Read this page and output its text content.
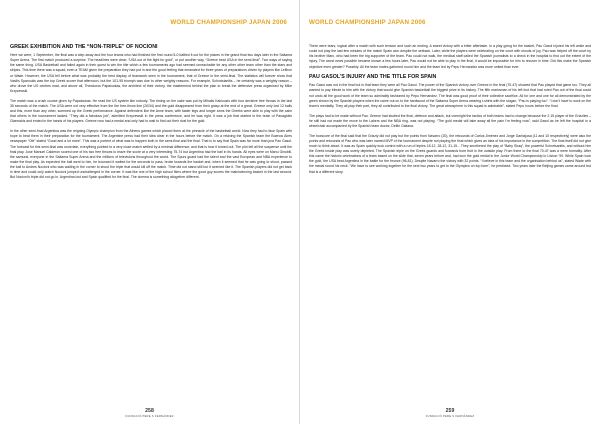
WORLD CHAMPIONSHIP JAPAN 2006
GREEK EXHIBITION AND THE “NON-TRIPLE” OF NOCIONI

Here we were, 1 September, the final was a step away and the four teams who had finished the first round 5-0 battled it out for the places in the grand final two days later in the Saitama Super Arena. The first match produced a surprise. The headlines were clear; “USA out of the fight for gold”, or put another way, “Greece beat USA in the semi-final”. Two ways of saying the same thing. USA Basketball and failed again in their quest to win the title which a few tournaments ago had seemed unreachable for any other other team other than the stars and stripes. This time there was a squad, even a TEAM given the preparation they had put in and the good feeling that emanated for three years of preparations driven by players like LeBron or Wade. However, the USA fell before what was probably the best display of teamwork seen in the tournament, that of Greece in the semi-final. The statistics will forever show that Vasilis Spanoulis was the top Greek scorer that afternoon, but the 101-95 triumph was due to other weighty reasons. For example, Schortsianitis – he certainly was a weighty reason – who drove the US centres mad, and above all, Theodoros Papaloukas, the architect of their victory, the mastermind behind the plan to break the defensive press organised by Mike Krzyzewski.

The match was a crush course given by Papaloukas. He read the US system like nobody. The timing on the cake was put by Mihalis Kakiouzis with four decisive free throws in the last 35 seconds of the match. The USA were not very effective from the the free-throw line (20/34) and the gold disappeared from their grasp at the end of a great. Greece only lost 12 balls and this, more than any other, summed up the Greek performance. Against defenders like the Anne team, with faster legs and longer arms the Greeks were able to play with the calm that others in the tournament lacked. “They did a fabulous job”, admitted Krzyzewski in the press conference, and he was right. It was a job that started in the brain of Panagiotis Giannakis and ended in the hands of his players. Greece now had a medal and only had to wait to find out their rival for the gold.

In the other semi-final Argentina was the reigning Olympic champion from the Athens games which placed them at the pinnacle of the basketball world. Now they had to face Spain with hope to beat them in their preparation for the tournament. The Argentine press had their idea clear in the hours before the match. On a relaxing the Spanish team the Buenos Aires newspaper “Olé” stated “Good and a lot more”. This was a portent of what was to happen both in the semi-final and the final. That is to say that Spain was far more than just Pau Gasol. The forecast for this semi-final was uncertain, everything pointed to a very close match settled by a minimal difference, and that is how it turned out. The plot left all the suspense until the final play. Jose Manuel Calderon scored one of his two free throws to leave the score at a very interesting 75-74 but Argentina had the ball in its hands. All eyes were on Manu Ginobili, the samurai, everyone in the Saitama Super Arena and the millions of televisions throughout the world. The Spurs guard had the talent and the vast European and NBA experience to make the final play. As expected the ball went to him, he bounced it waited for the seconds to pass, broke towards the basket and, when it seemed that he was going to shoot, passed the ball to Andres Nocioni who was waiting in the corner to shoot the triple that would kill off the match. Time did not stand still but it seemed like it. The Spanish players did not get back in time and could only watch Nocioni jumped unchallenged in the corner. It was like one of the high school films where the good guy scores the matchwinning basket in the last second. But Nocioni’s triple did not go in. Argentina lost and Spain qualified for the final. The cinema is something altogether different.

258
FUNDACIÓ PERE S FERNÁNDEZ
WORLD CHAMPIONSHIP JAPAN 2006

There were tears, logical after a match with such tension and such an ending. A sweet victory with a bitter aftertaste. In a play going for the basket, Pau Gasol injured his left ankle and could not play the last few minutes of the match Spain won despite the setback. Later, while the players were celebrating on the court with shouts of joy, Pau was helped off the court by his brother Marc, who had been the big supporter of the team. Pau could not walk, the medical staff called the Spanish journalists to a check in the hospital to find out the extent of the injury. The worst news possible became known a few hours later, Pau would not be able to play in the final, it would be impossible for him to recover in time. Did this make the Spanish objective even greater? Possibly. All the team mates gathered round him and the team led by Pepu Hernandez was more united than ever.

PAU GASOL’S INJURY AND THE TITLE FOR SPAIN

Pau Gasol was not in the final but in that team they were all Pau Gasol. The power of the Spanish victory over Greece in the final (70-47) showed that Pau played that game too. They all wanted to pay tribute to him with the victory that would give Spanish basketball the biggest prize in its history. The fifth marksman of his left foot that had ruled Pau out of the final could not undo all the good work of the team so admirably fashioned by Pepu Hernandez. The final was good proof of their collective sacrifice. All for one and one for all demonstrated by the green shown by the Spanish players when the came out on to the hardwood of the Saitama Super Arena wearing t-shirts with the slogan, “Pau is playing too”. “I don’t have to work on the team’s mentality. They all play their part, they all contributed to the final victory. The great atmosphere in this squad is admirable”, stated Pepu hours before the final.

The plays had to be made without Pau. Greece had studied the final, defence and attack, but overnight the tactics of both teams had to change because the 2.15 player of the Grizzlies – he still had not made the move to the Lakers and the NBA ring- was not playing. “The gold medal will take away all the pain I’m feeling now”, said Gasol as he left the hospital in a wheelchair accompanied by the Spanish team doctor, Delfin Galiana.

The boxscore of the final said that the Grizzly did not play but the points from Navarro (20), the rebounds of Carlos Jiménez and Jorge Garbajosa (11 and 10 respectively) were also the points and rebounds of Pau who was later named MVP of the tournament despite not playing the final which gives an idea of his importance in the competition. The final itself did not give much to think about. It was as Spain quickly took control with a run of triples 18-12, 28-12, 31-15... They smothered the play of “Baby Shaq”, the powerful Schortsanitis, and without him the Greek inside play was sorely depleted. The Spanish triple on the Greek guards and forwards bore fruit in the outside play. From there to the final 70-47 was a mere formality. After this came the historic celebrations of a team based on the slide that, seven years before and, had won the gold medal in the Junior World Championship in Lisbon ’99. While Spain took the gold, the USA beat Argentina in the battle for the bronze (96-81). Despite Navarro the victory with 32 points. “I believe in this team and the organisation behind us”, stated Wade with the medal round his neck. “We have to see working together for the next two years to get to the Olympics on top form”, he predicted. Two years later the Beijing games came around but that is a different story.

259
FUNDACIÓ PERE S FERNÁNDEZ
